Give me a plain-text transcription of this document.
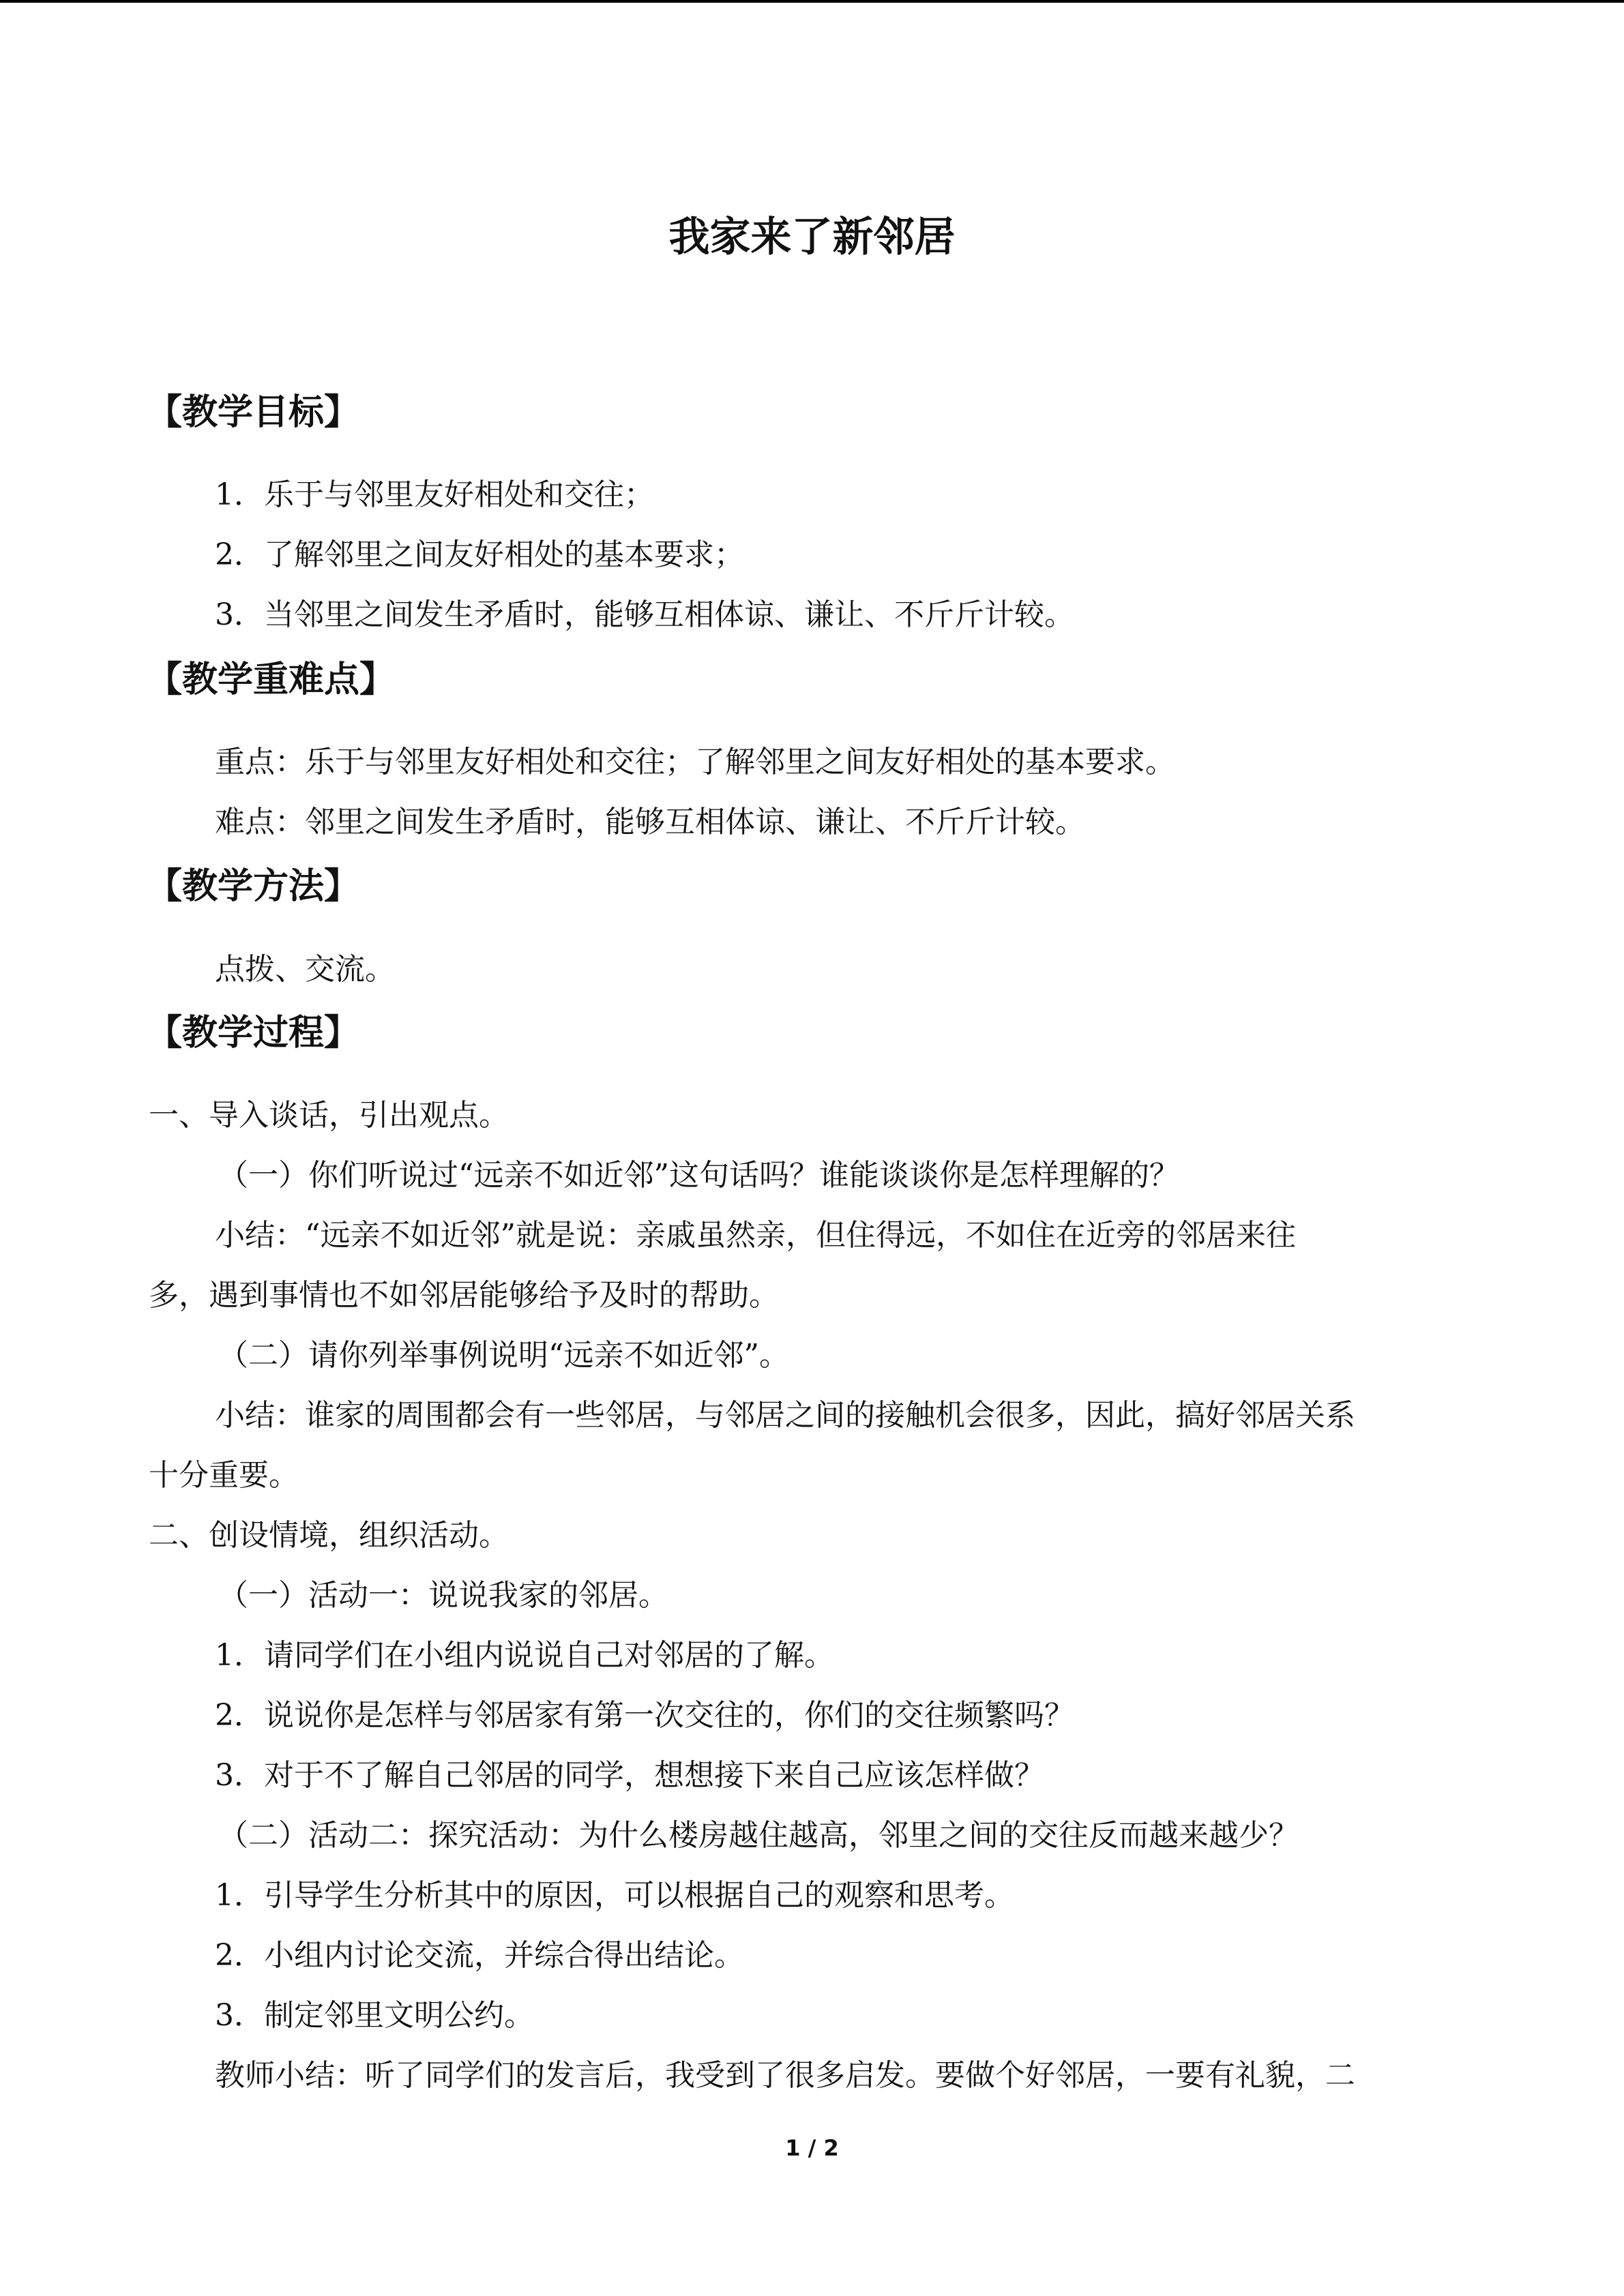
我家来了新邻居
【教学目标】
1．乐于与邻里友好相处和交往；
2．了解邻里之间友好相处的基本要求；
3．当邻里之间发生矛盾时，能够互相体谅、谦让、不斤斤计较。
【教学重难点】
重点：乐于与邻里友好相处和交往；了解邻里之间友好相处的基本要求。
难点：邻里之间发生矛盾时，能够互相体谅、谦让、不斤斤计较。
【教学方法】
点拨、交流。
【教学过程】
一、导入谈话，引出观点。
（一）你们听说过“远亲不如近邻”这句话吗？谁能谈谈你是怎样理解的？
小结：“远亲不如近邻”就是说：亲戚虽然亲，但住得远，不如住在近旁的邻居来往
多，遇到事情也不如邻居能够给予及时的帮助。
（二）请你列举事例说明“远亲不如近邻”。
小结：谁家的周围都会有一些邻居，与邻居之间的接触机会很多，因此，搞好邻居关系
十分重要。
二、创设情境，组织活动。
（一）活动一：说说我家的邻居。
1．请同学们在小组内说说自己对邻居的了解。
2．说说你是怎样与邻居家有第一次交往的，你们的交往频繁吗？
3．对于不了解自己邻居的同学，想想接下来自己应该怎样做？
（二）活动二：探究活动：为什么楼房越住越高，邻里之间的交往反而越来越少？
1．引导学生分析其中的原因，可以根据自己的观察和思考。
2．小组内讨论交流，并综合得出结论。
3．制定邻里文明公约。
教师小结：听了同学们的发言后，我受到了很多启发。要做个好邻居，一要有礼貌，二
1 / 2
